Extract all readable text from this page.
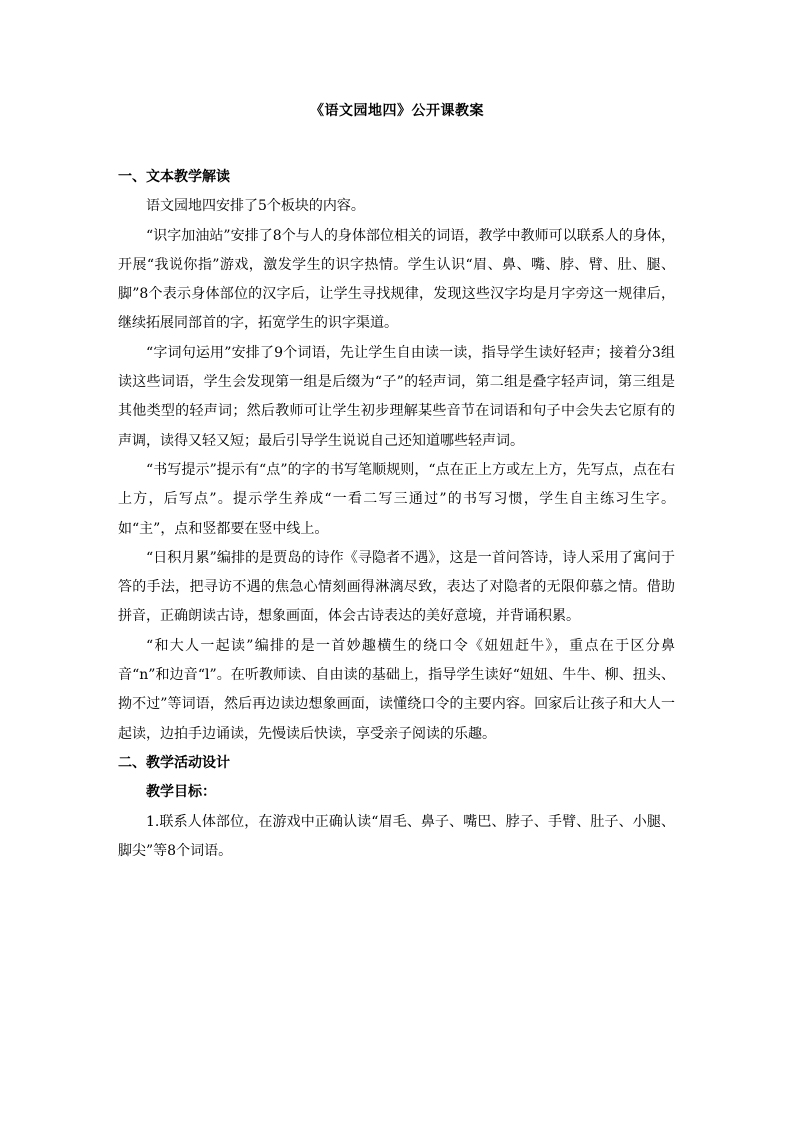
《语文园地四》公开课教案

一、文本教学解读

语文园地四安排了5个板块的内容。

“识字加油站”安排了8个与人的身体部位相关的词语，教学中教师可以联系人的身体，开展“我说你指”游戏，激发学生的识字热情。学生认识“眉、鼻、嘴、脖、臂、肚、腿、脚”8个表示身体部位的汉字后，让学生寻找规律，发现这些汉字均是月字旁这一规律后，继续拓展同部首的字，拓宽学生的识字渠道。

“字词句运用”安排了9个词语，先让学生自由读一读，指导学生读好轻声；接着分3组读这些词语，学生会发现第一组是后缀为“子”的轻声词，第二组是叠字轻声词，第三组是其他类型的轻声词；然后教师可让学生初步理解某些音节在词语和句子中会失去它原有的声调，读得又轻又短；最后引导学生说说自己还知道哪些轻声词。

“书写提示”提示有“点”的字的书写笔顺规则，“点在正上方或左上方，先写点，点在右上方，后写点”。提示学生养成“一看二写三通过”的书写习惯，学生自主练习生字。如“主”，点和竖都要在竖中线上。

“日积月累”编排的是贾岛的诗作《寻隐者不遇》，这是一首问答诗，诗人采用了寓问于答的手法，把寻访不遇的焦急心情刻画得淋漓尽致，表达了对隐者的无限仰慕之情。借助拼音，正确朗读古诗，想象画面，体会古诗表达的美好意境，并背诵积累。

“和大人一起读”编排的是一首妙趣横生的绕口令《妞妞赶牛》，重点在于区分鼻音“n”和边音“l”。在听教师读、自由读的基础上，指导学生读好“妞妞、牛牛、柳、扭头、拗不过”等词语，然后再边读边想象画面，读懂绕口令的主要内容。回家后让孩子和大人一起读，边拍手边诵读，先慢读后快读，享受亲子阅读的乐趣。

二、教学活动设计

教学目标：

1.联系人体部位，在游戏中正确认读“眉毛、鼻子、嘴巴、脖子、手臂、肚子、小腿、脚尖”等8个词语。
